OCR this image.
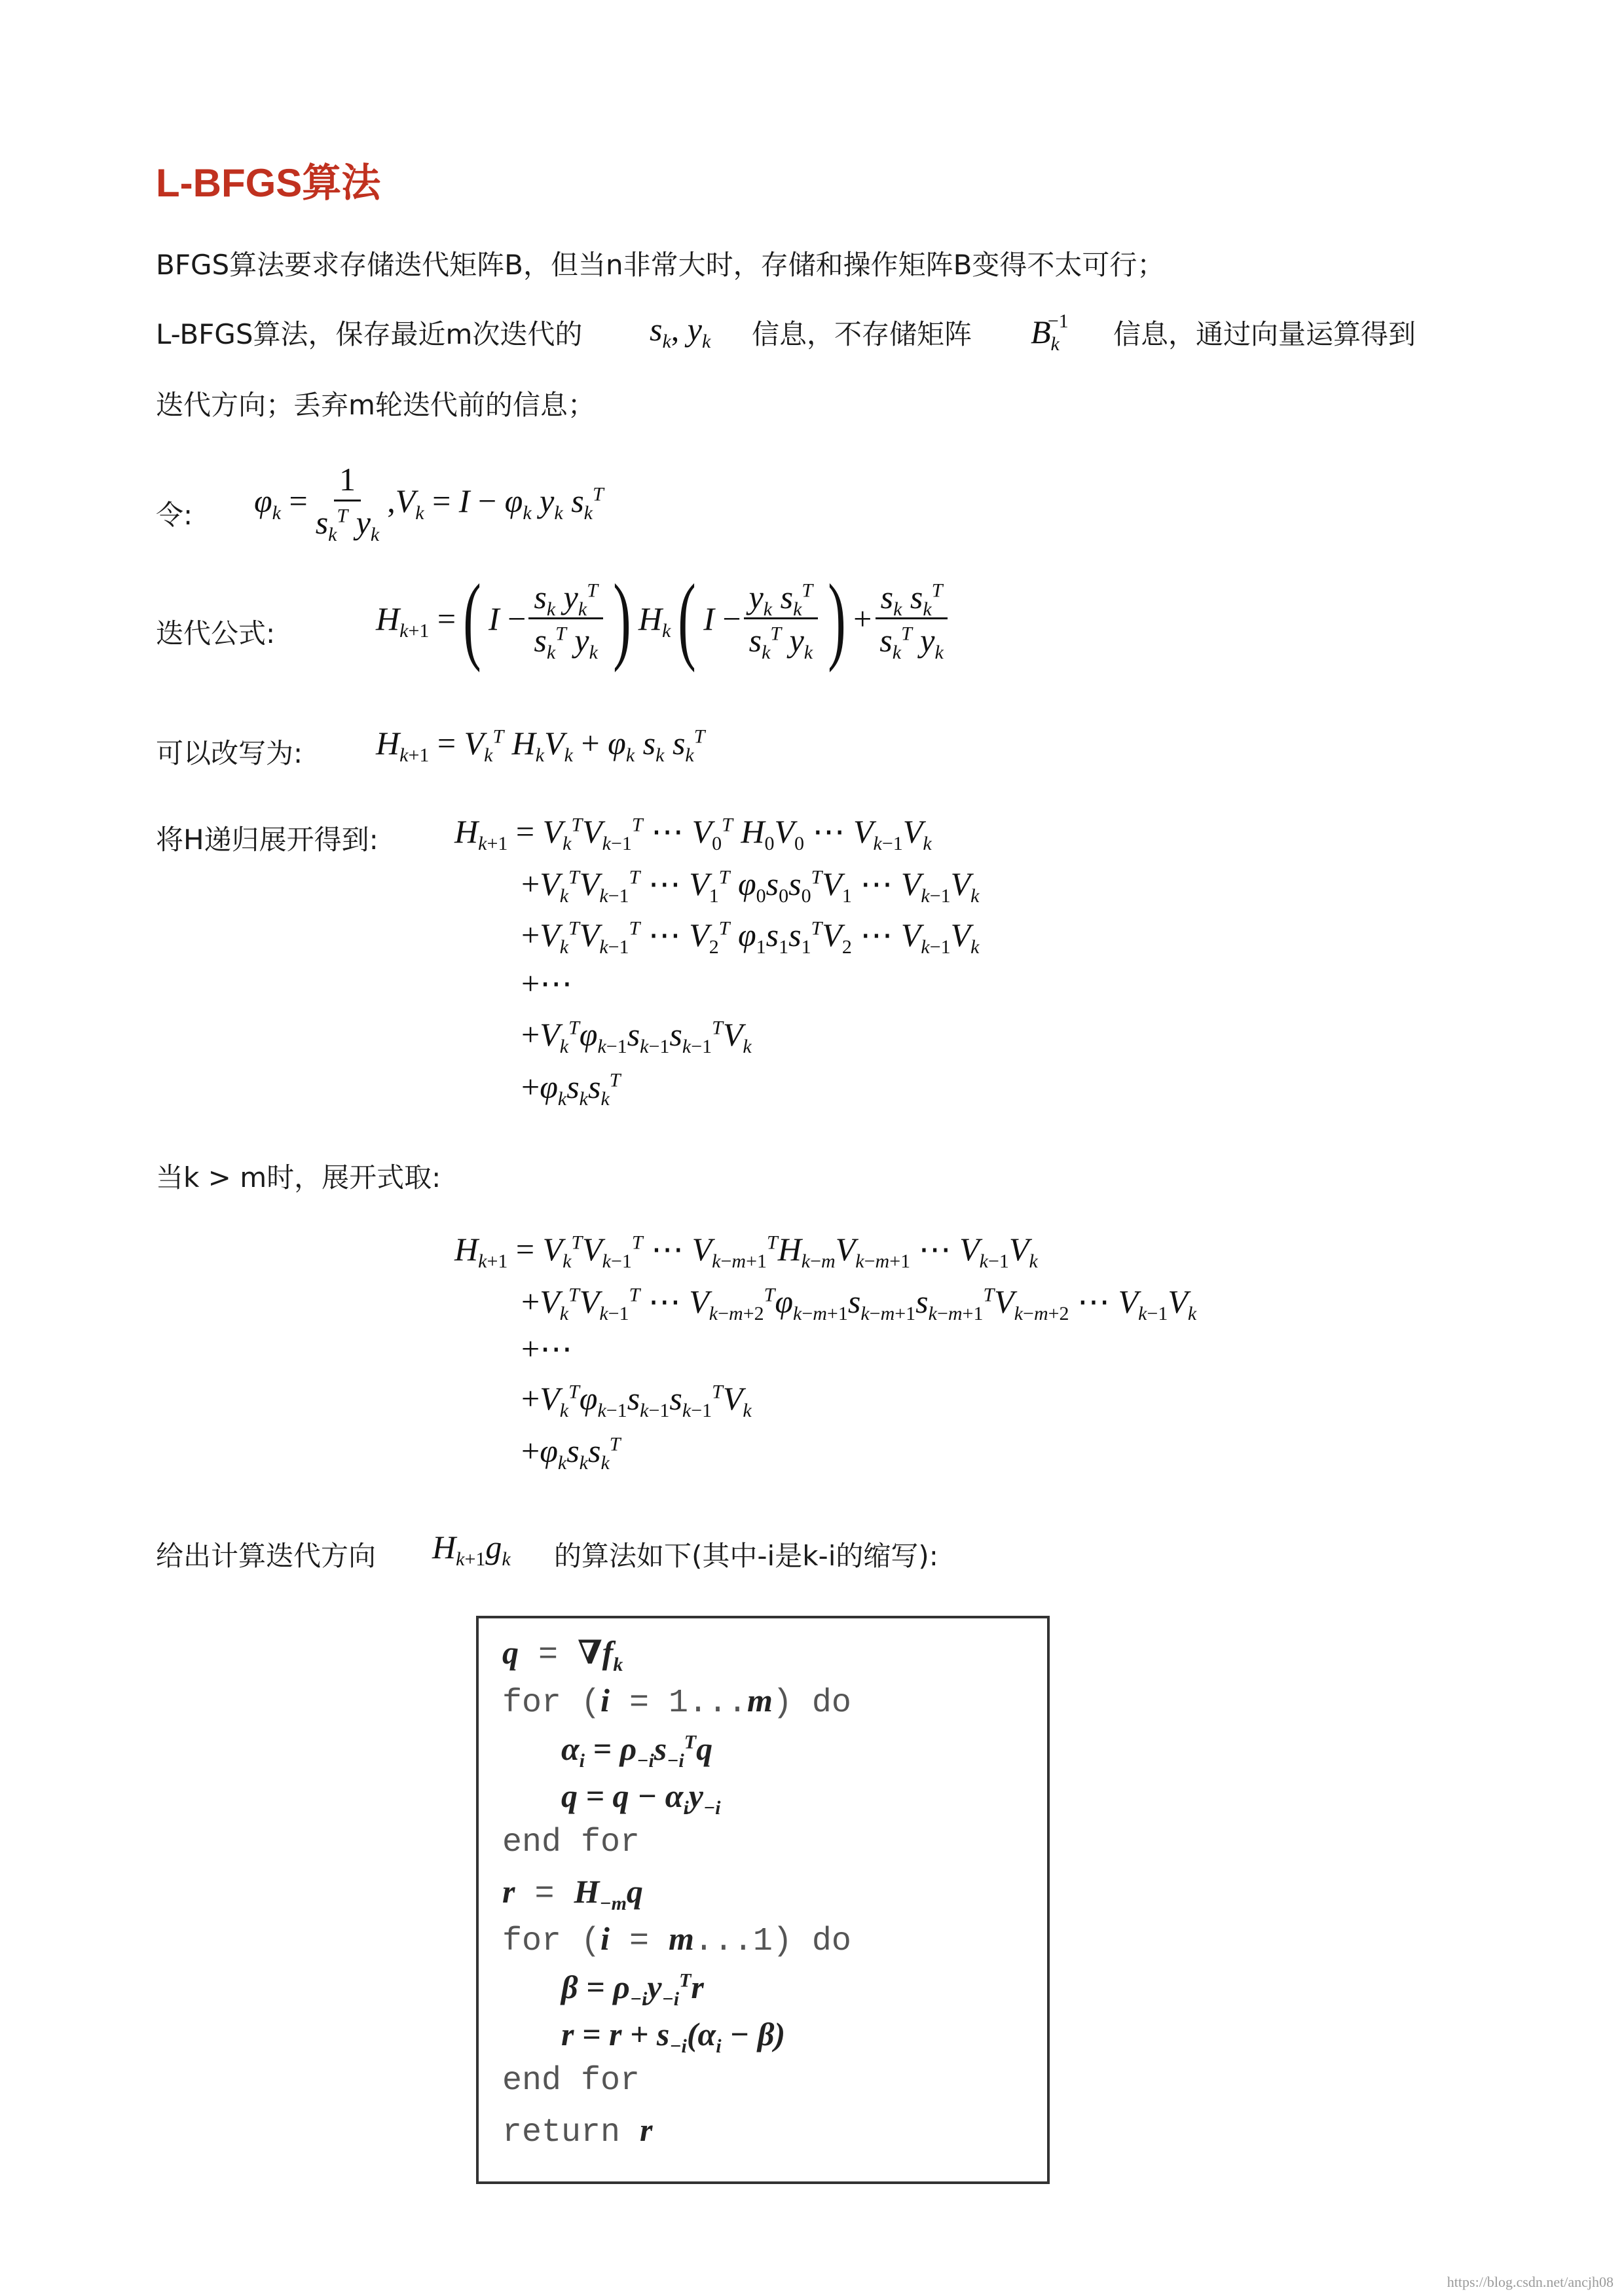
L-BFGS算法
BFGS算法要求存储迭代矩阵B，但当n非常大时，存储和操作矩阵B变得不太可行；
L-BFGS算法，保存最近m次迭代的 $s_k$, $y_k$ 信息，不存储矩阵 $B_k^{-1}$	信息，通过向量运算得到
迭代方向；丢弃m轮迭代前的信息；
令: $\varphi_k = \frac{1}{s_k^T y_k} ,V_k = I - \varphi_k$ $y_k$ $s_k^T$
迭代公式:	$H_{k+1}$ = ( $I - \frac{s_k y_k^T}{s_k^T y_k}$ ) $H_k$ ( $I - \frac{y_k s_k^T}{s_k^T y_k}$ ) + $\frac{s_k s_k^T}{s_k^T y_k}$
可以改写为: $H_{k+1} = V_k^T$ $H_kV_k + \varphi_k$ $s_k$ $s_k^T$
将H递归展开得到: $H_{k+1} = V_k^TV_{k-1}^T$ ⋯ $V_0^T$ $H_0V_0$ ⋯ $V_{k-1}V_k$
$+V_k^TV_{k-1}^T$ ⋯ $V_1^T$ $\varphi_0s_0s_0^TV_1$ ⋯ $V_{k-1}V_k$
$+V_k^TV_{k-1}^T$ ⋯ $V_2^T$ $\varphi_1s_1s_1^TV_2$ ⋯ $V_{k-1}V_k$
+⋯
$+V_k^T\varphi_{k-1}s_{k-1}s_{k-1}^TV_k$
$+\varphi_ks_ks_k^T$
当k > m时，展开式取:
$H_{k+1} = V_k^TV_{k-1}^T$ ⋯ $V_{k-m+1}^TH_{k-m}V_{k-m+1}$ ⋯ $V_{k-1}V_k$
$+V_k^TV_{k-1}^T$ ⋯ $V_{k-m+2}^T\varphi_{k-m+1}s_{k-m+1}s_{k-m+1}^TV_{k-m+2}$ ⋯ $V_{k-1}V_k$
+⋯
$+V_k^T\varphi_{k-1}s_{k-1}s_{k-1}^TV_k$
$+\varphi_ks_ks_k^T$
给出计算迭代方向 $H_{k+1}g_k$ 的算法如下(其中-i是k-i的缩写):
$q = \nabla f_k$
for (i = 1...m) do
$\alpha_i = \rho_{-i}s_{-i}^Tq$
$q = q - \alpha_iy_{-i}$
end for
$r = H_{-m}q$
for (i = m...1) do
$\beta = \rho_{-i}y_{-i}^Tr$
$r = r + s_{-i}(\alpha_i - \beta)$
end for
return r
https://blog.csdn.net/ancjh08
